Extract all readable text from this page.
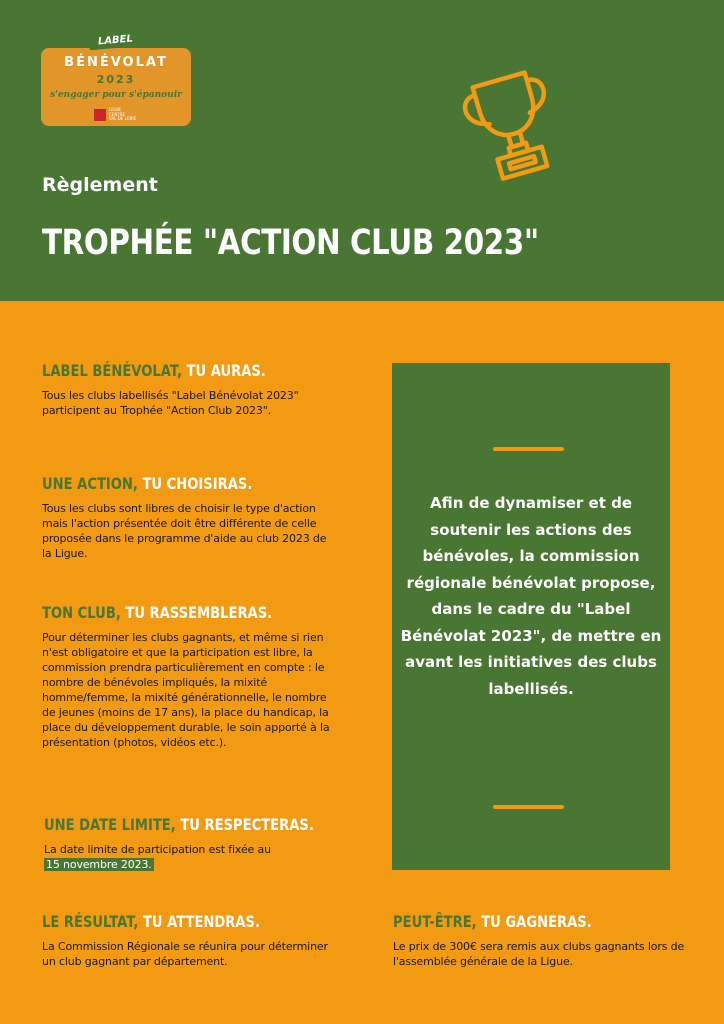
LABEL
BÉNÉVOLAT
2023
s'engager pour s'épanouir
LIGUE
CENTRE
VAL DE LOIRE
Règlement
TROPHÉE "ACTION CLUB 2023"
LABEL BÉNÉVOLAT, TU AURAS.

Tous les clubs labellisés "Label Bénévolat 2023" participent au Trophée "Action Club 2023".

UNE ACTION, TU CHOISIRAS.

Tous les clubs sont libres de choisir le type d'action mais l'action présentée doit être différente de celle proposée dans le programme d'aide au club 2023 de la Ligue.

TON CLUB, TU RASSEMBLERAS.

Pour déterminer les clubs gagnants, et même si rien n'est obligatoire et que la participation est libre, la commission prendra particulièrement en compte : le nombre de bénévoles impliqués, la mixité homme/femme, la mixité générationnelle, le nombre de jeunes (moins de 17 ans), la place du handicap, la place du développement durable, le soin apporté à la présentation (photos, vidéos etc.).

UNE DATE LIMITE, TU RESPECTERAS.

La date limite de participation est fixée au
15 novembre 2023.

LE RÉSULTAT, TU ATTENDRAS.

La Commission Régionale se réunira pour déterminer un club gagnant par département.

PEUT-ÊTRE, TU GAGNERAS.

Le prix de 300€ sera remis aux clubs gagnants lors de l'assemblée générale de la Ligue.

Afin de dynamiser et de soutenir les actions des bénévoles, la commission régionale bénévolat propose, dans le cadre du "Label Bénévolat 2023", de mettre en avant les initiatives des clubs labellisés.
